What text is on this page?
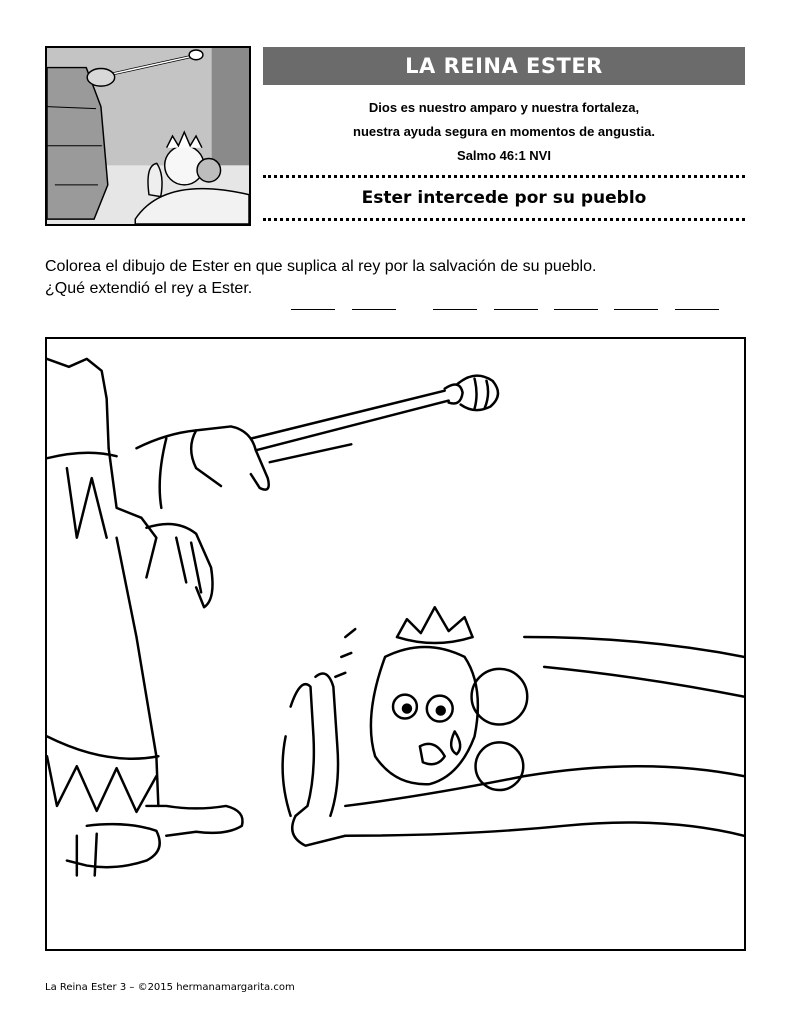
LA REINA ESTER
Dios es nuestro amparo y nuestra fortaleza,
nuestra ayuda segura en momentos de angustia.
Salmo 46:1 NVI
Ester intercede por su pueblo

Colorea el dibujo de Ester en que suplica al rey por la salvación de su pueblo.

¿Qué extendió el rey a Ester.

La Reina Ester 3 – ©2015 hermanamargarita.com
